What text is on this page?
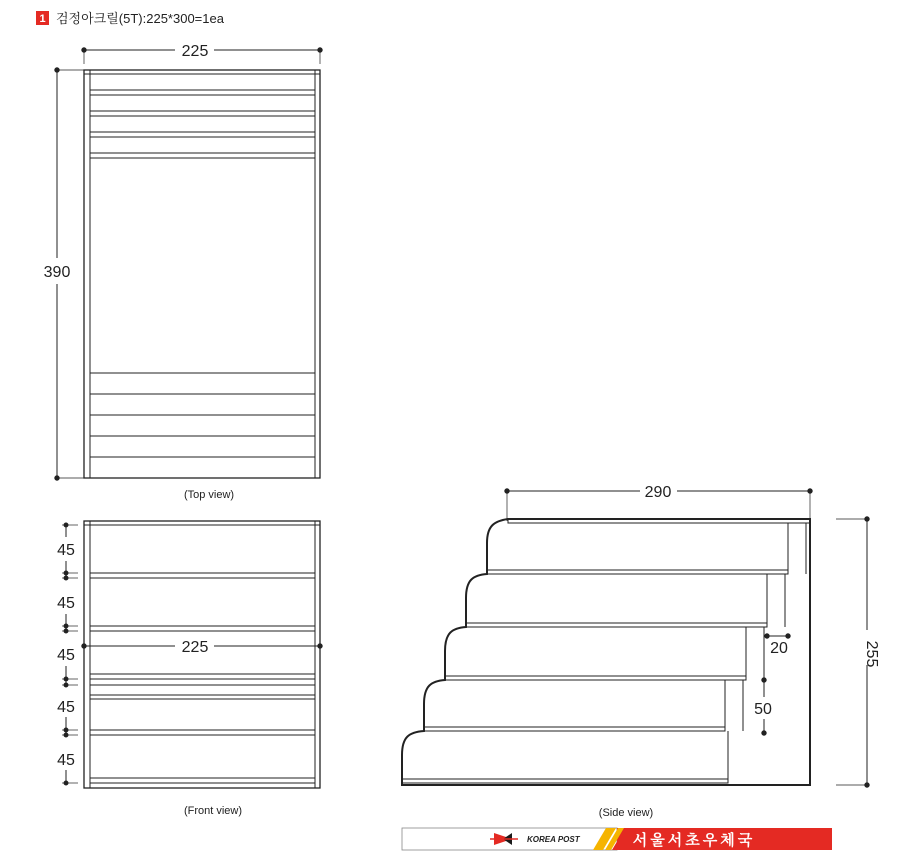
1 검정아크릴(5T):225*300=1ea
225
390
(Top view)
225
45
45
45
45
45
(Front view)
290
255
20
50
(Side view)
KOREA POST	서울서초우체국
